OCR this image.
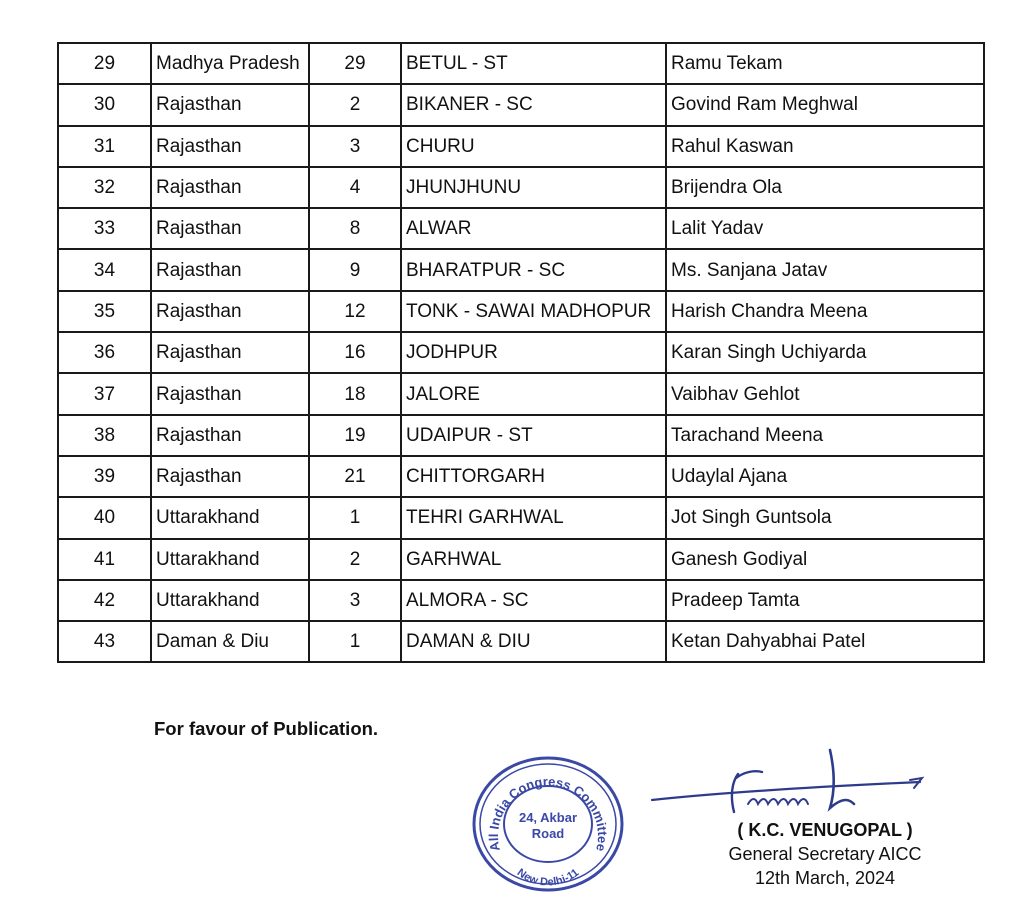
29	Madhya Pradesh	29	BETUL - ST	Ramu Tekam
30	Rajasthan	2	BIKANER - SC	Govind Ram Meghwal
31	Rajasthan	3	CHURU	Rahul Kaswan
32	Rajasthan	4	JHUNJHUNU	Brijendra Ola
33	Rajasthan	8	ALWAR	Lalit Yadav
34	Rajasthan	9	BHARATPUR - SC	Ms. Sanjana Jatav
35	Rajasthan	12	TONK - SAWAI MADHOPUR	Harish Chandra Meena
36	Rajasthan	16	JODHPUR	Karan Singh Uchiyarda
37	Rajasthan	18	JALORE	Vaibhav Gehlot
38	Rajasthan	19	UDAIPUR - ST	Tarachand Meena
39	Rajasthan	21	CHITTORGARH	Udaylal Ajana
40	Uttarakhand	1	TEHRI GARHWAL	Jot Singh Guntsola
41	Uttarakhand	2	GARHWAL	Ganesh Godiyal
42	Uttarakhand	3	ALMORA - SC	Pradeep Tamta
43	Daman & Diu	1	DAMAN & DIU	Ketan Dahyabhai Patel
For favour of Publication.
All India Congress Committee
New Delhi-11
24, Akbar
Road	( K.C. VENUGOPAL )
General Secretary AICC
12th March, 2024
